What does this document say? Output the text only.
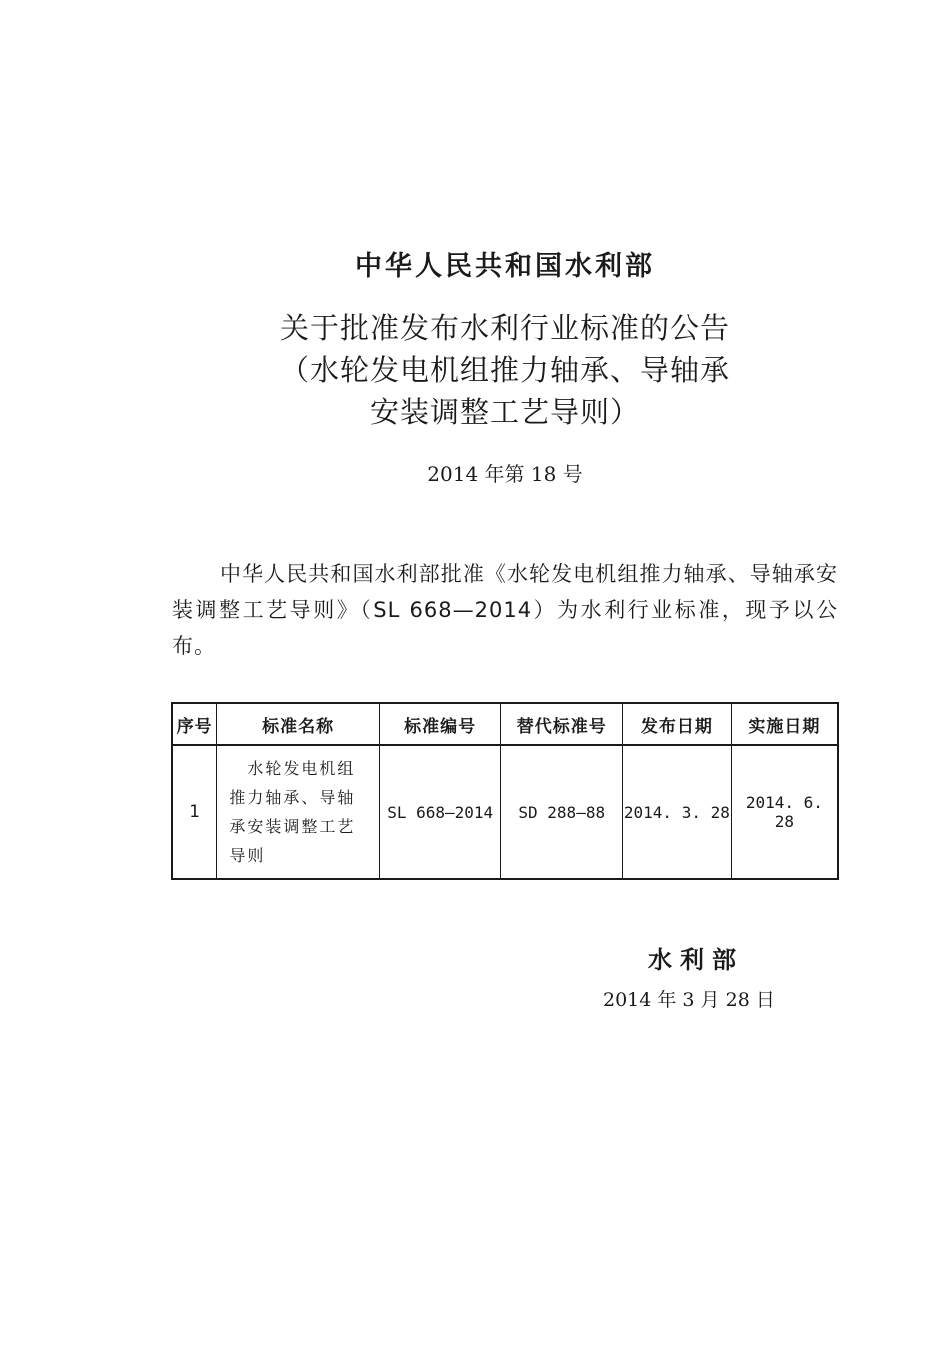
中华人民共和国水利部
关于批准发布水利行业标准的公告
（水轮发电机组推力轴承、导轴承
安装调整工艺导则）
2014 年第 18 号
中华人民共和国水利部批准《水轮发电机组推力轴承、导轴承安装调整工艺导则》（SL 668—2014）为水利行业标准，现予以公布。
序号	标准名称	标准编号	替代标准号	发布日期	实施日期
1	水轮发电机组
推力轴承、导轴
承安装调整工艺
导则	SL 668—2014	SD 288—88	2014. 3. 28	2014. 6. 28
水利部
2014 年 3 月 28 日
